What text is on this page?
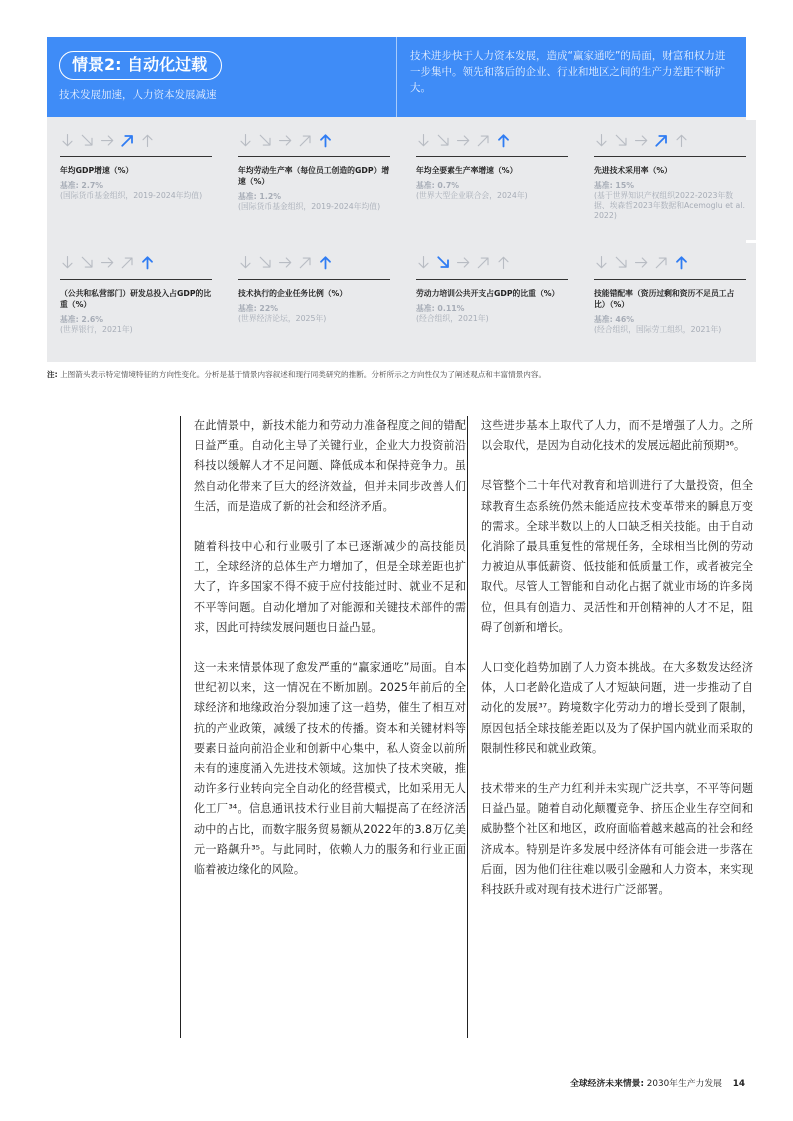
情景2: 自动化过载
技术发展加速，人力资本发展减速
技术进步快于人力资本发展，造成“赢家通吃”的局面，财富和权力进一步集中。领先和落后的企业、行业和地区之间的生产力差距不断扩大。
年均GDP增速（%）
基准: 2.7%
(国际货币基金组织，2019-2024年均值)
年均劳动生产率（每位员工创造的GDP）增速（%）
基准: 1.2%
(国际货币基金组织，2019-2024年均值)
年均全要素生产率增速（%）
基准: 0.7%
(世界大型企业联合会，2024年)
先进技术采用率（%）
基准: 15%
(基于世界知识产权组织2022-2023年数据、埃森哲2023年数据和Acemoglu et al. 2022)
（公共和私营部门）研发总投入占GDP的比重（%）
基准: 2.6%
(世界银行，2021年)
技术执行的企业任务比例（%）
基准: 22%
(世界经济论坛，2025年)
劳动力培训公共开支占GDP的比重（%）
基准: 0.11%
(经合组织，2021年)
技能错配率（资历过剩和资历不足员工占比）（%）
基准: 46%
(经合组织，国际劳工组织，2021年)
注: 上图箭头表示特定情境特征的方向性变化。分析是基于情景内容叙述和现行同类研究的推断。分析所示之方向性仅为了阐述观点和丰富情景内容。

在此情景中，新技术能力和劳动力准备程度之间的错配日益严重。自动化主导了关键行业，企业大力投资前沿科技以缓解人才不足问题、降低成本和保持竞争力。虽然自动化带来了巨大的经济效益，但并未同步改善人们生活，而是造成了新的社会和经济矛盾。

随着科技中心和行业吸引了本已逐渐减少的高技能员工，全球经济的总体生产力增加了，但是全球差距也扩大了，许多国家不得不疲于应付技能过时、就业不足和不平等问题。自动化增加了对能源和关键技术部件的需求，因此可持续发展问题也日益凸显。

这一未来情景体现了愈发严重的“赢家通吃”局面。自本世纪初以来，这一情况在不断加剧。2025年前后的全球经济和地缘政治分裂加速了这一趋势，催生了相互对抗的产业政策，减缓了技术的传播。资本和关键材料等要素日益向前沿企业和创新中心集中，私人资金以前所未有的速度涌入先进技术领域。这加快了技术突破，推动许多行业转向完全自动化的经营模式，比如采用无人化工厂³⁴。信息通讯技术行业目前大幅提高了在经济活动中的占比，而数字服务贸易额从2022年的3.8万亿美元一路飙升³⁵。与此同时，依赖人力的服务和行业正面临着被边缘化的风险。

这些进步基本上取代了人力，而不是增强了人力。之所以会取代，是因为自动化技术的发展远超此前预期³⁶。

尽管整个二十年代对教育和培训进行了大量投资，但全球教育生态系统仍然未能适应技术变革带来的瞬息万变的需求。全球半数以上的人口缺乏相关技能。由于自动化消除了最具重复性的常规任务，全球相当比例的劳动力被迫从事低薪资、低技能和低质量工作，或者被完全取代。尽管人工智能和自动化占据了就业市场的许多岗位，但具有创造力、灵活性和开创精神的人才不足，阻碍了创新和增长。

人口变化趋势加剧了人力资本挑战。在大多数发达经济体，人口老龄化造成了人才短缺问题，进一步推动了自动化的发展³⁷。跨境数字化劳动力的增长受到了限制，原因包括全球技能差距以及为了保护国内就业而采取的限制性移民和就业政策。

技术带来的生产力红利并未实现广泛共享，不平等问题日益凸显。随着自动化颠覆竞争、挤压企业生存空间和威胁整个社区和地区，政府面临着越来越高的社会和经济成本。特别是许多发展中经济体有可能会进一步落在后面，因为他们往往难以吸引金融和人力资本，来实现科技跃升或对现有技术进行广泛部署。

全球经济未来情景: 2030年生产力发展 14
